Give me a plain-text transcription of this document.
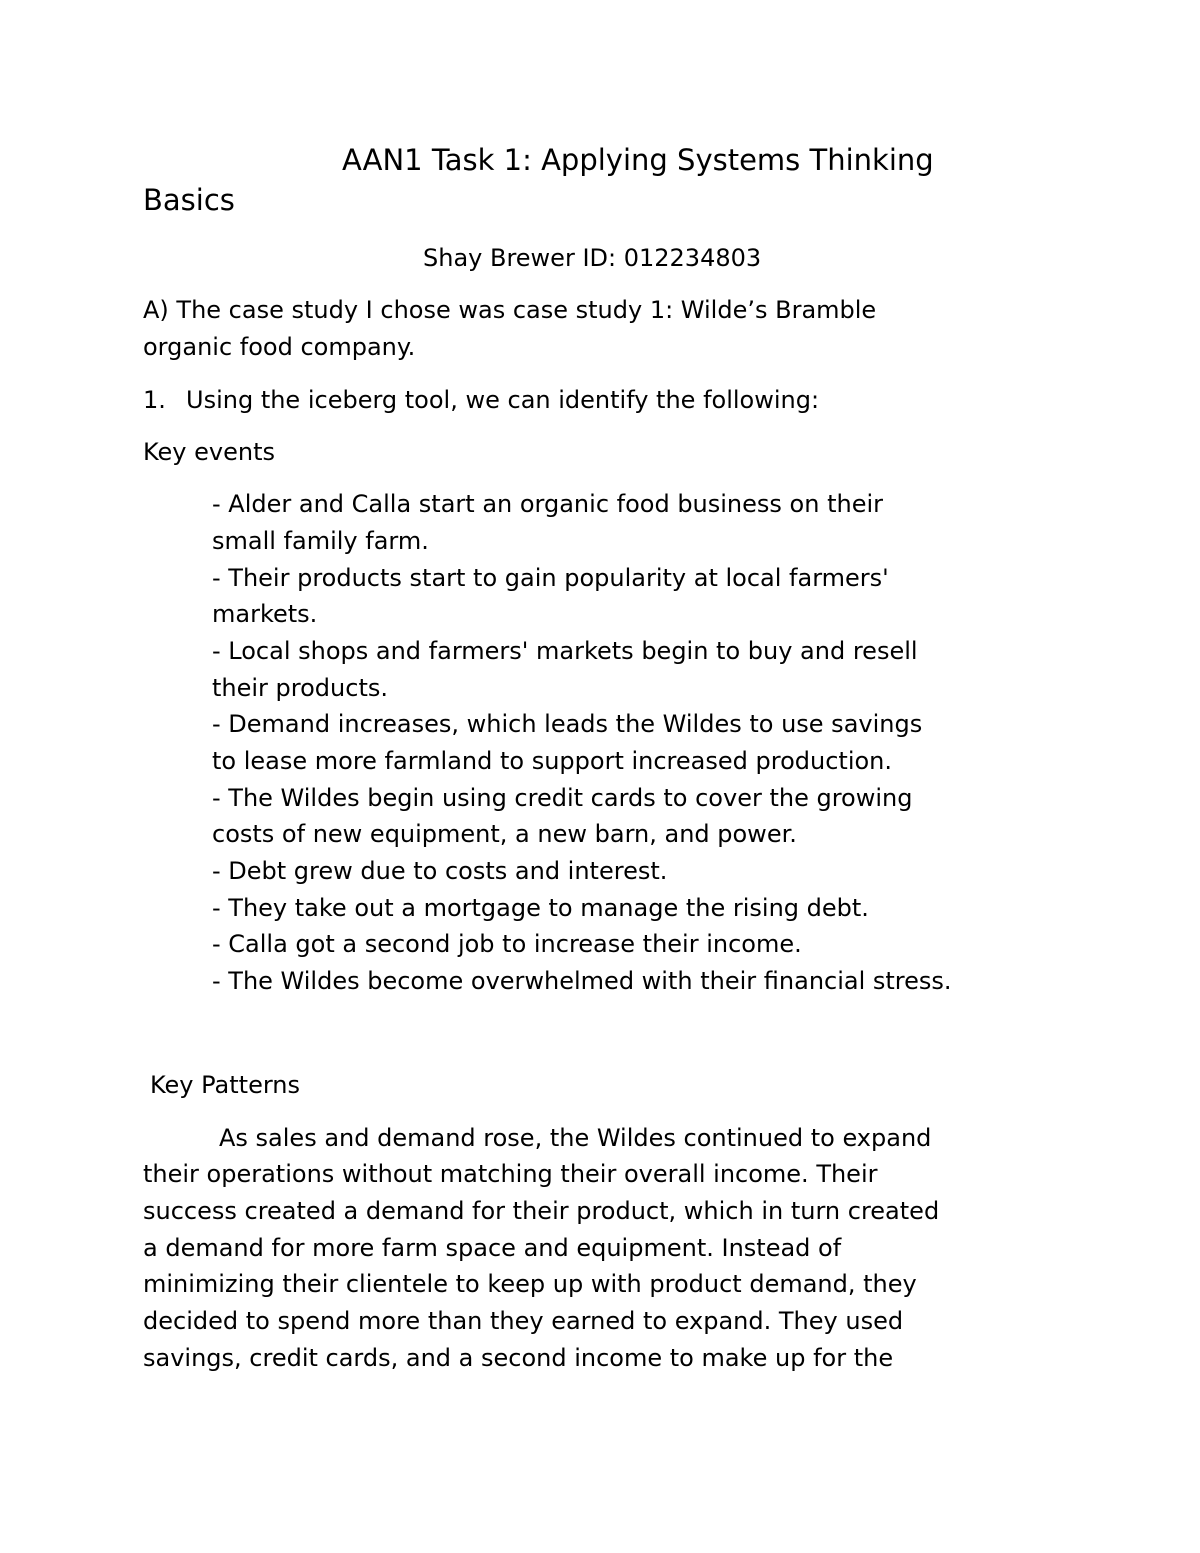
AAN1 Task 1: Applying Systems Thinking
Basics
Shay Brewer ID: 012234803
A) The case study I chose was case study 1: Wilde’s Bramble
organic food company.
1. Using the iceberg tool, we can identify the following:
Key events
- Alder and Calla start an organic food business on their
small family farm.
- Their products start to gain popularity at local farmers'
markets.
- Local shops and farmers' markets begin to buy and resell
their products.
- Demand increases, which leads the Wildes to use savings
to lease more farmland to support increased production.
- The Wildes begin using credit cards to cover the growing
costs of new equipment, a new barn, and power.
- Debt grew due to costs and interest.
- They take out a mortgage to manage the rising debt.
- Calla got a second job to increase their income.
- The Wildes become overwhelmed with their financial stress.
Key Patterns
As sales and demand rose, the Wildes continued to expand
their operations without matching their overall income. Their
success created a demand for their product, which in turn created
a demand for more farm space and equipment. Instead of
minimizing their clientele to keep up with product demand, they
decided to spend more than they earned to expand. They used
savings, credit cards, and a second income to make up for the
